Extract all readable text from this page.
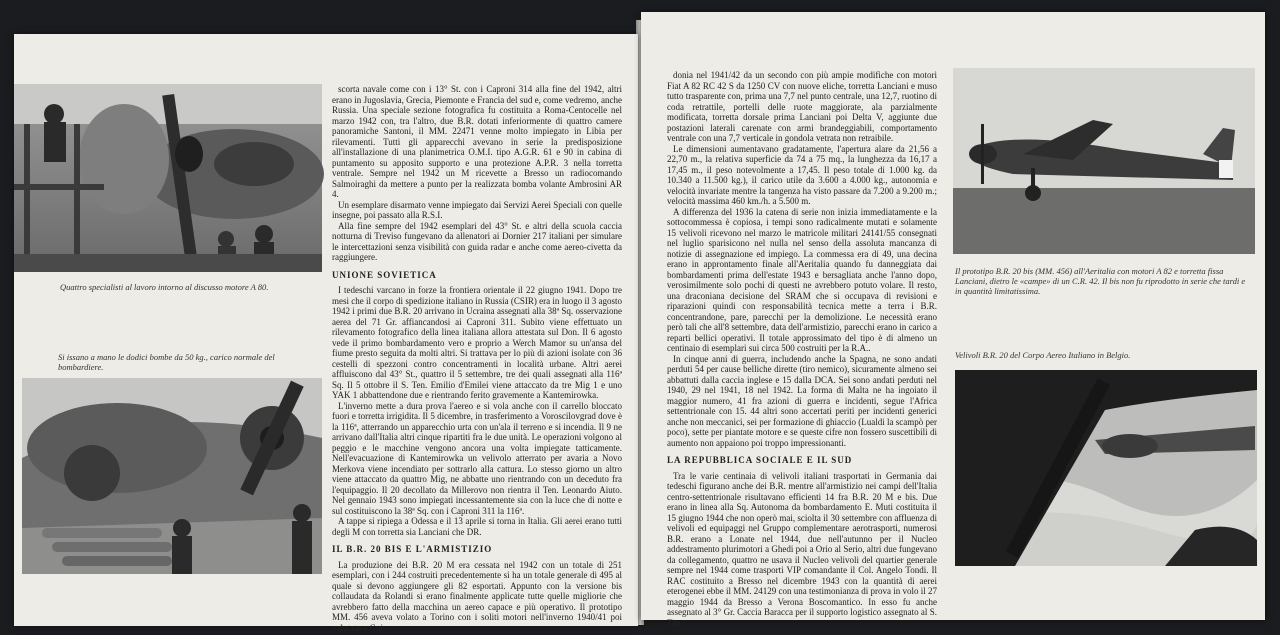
Quattro specialisti al lavoro intorno al discusso motore A 80.
Si issano a mano le dodici bombe da 50 kg., carico normale del bombardiere.

scorta navale come con i 13° St. con i Caproni 314 alla fine del 1942, altri erano in Jugoslavia, Grecia, Piemonte e Francia del sud e, come vedremo, anche Russia. Una speciale sezione fotografica fu costituita a Roma-Centocelle nel marzo 1942 con, tra l'altro, due B.R. dotati inferiormente di quattro camere panoramiche Santoni, il MM. 22471 venne molto impiegato in Libia per rilevamenti. Tutti gli apparecchi avevano in serie la predisposizione all'installazione di una planimetrica O.M.I. tipo A.G.R. 61 e 90 in cabina di puntamento su apposito supporto e una protezione A.P.R. 3 nella torretta ventrale. Sempre nel 1942 un M ricevette a Bresso un radiocomando Salmoiraghi da mettere a punto per la realizzata bomba volante Ambrosini AR 4.

Un esemplare disarmato venne impiegato dai Servizi Aerei Speciali con quelle insegne, poi passato alla R.S.I.

Alla fine sempre del 1942 esemplari del 43° St. e altri della scuola caccia notturna di Treviso fungevano da allenatori ai Dornier 217 italiani per simulare le intercettazioni senza visibilità con guida radar e anche come aereo-civetta da raggiungere.

UNIONE SOVIETICA

I tedeschi varcano in forze la frontiera orientale il 22 giugno 1941. Dopo tre mesi che il corpo di spedizione italiano in Russia (CSIR) era in luogo il 3 agosto 1942 i primi due B.R. 20 arrivano in Ucraina assegnati alla 38ª Sq. osservazione aerea del 71 Gr. affiancandosi ai Caproni 311. Subito viene effettuato un rilevamento fotografico della linea italiana allora attestata sul Don. Il 6 agosto vede il primo bombardamento vero e proprio a Werch Mamor su un'ansa del fiume presto seguita da molti altri. Si trattava per lo più di azioni isolate con 36 cestelli di spezzoni contro concentramenti in località urbane. Altri aerei affluiscono dal 43° St., quattro il 5 settembre, tre dei quali assegnati alla 116ª Sq. Il 5 ottobre il S. Ten. Emilio d'Emilei viene attaccato da tre Mig 1 e uno YAK 1 abbattendone due e rientrando ferito gravemente a Kantemirowka.

L'inverno mette a dura prova l'aereo e si vola anche con il carrello bloccato fuori e torretta irrigidita. Il 5 dicembre, in trasferimento a Voroscilovgrad dove è la 116ª, atterrando un apparecchio urta con un'ala il terreno e si incendia. Il 9 ne arrivano dall'Italia altri cinque ripartiti fra le due unità. Le operazioni volgono al peggio e le macchine vengono ancora una volta impiegate tatticamente. Nell'evacuazione di Kantemirowka un velivolo atterrato per avaria a Novo Merkova viene incendiato per sottrarlo alla cattura. Lo stesso giorno un altro viene attaccato da quattro Mig, ne abbatte uno rientrando con un deceduto fra l'equipaggio. Il 20 decollato da Millerovo non rientra il Ten. Leonardo Aiuto. Nel gennaio 1943 sono impiegati incessantemente sia con la luce che di notte e sul costituiscono la 38ª Sq. con i Caproni 311 la 116ª.

A tappe si ripiega a Odessa e il 13 aprile si torna in Italia. Gli aerei erano tutti degli M con torretta sia Lanciani che DR.

IL B.R. 20 BIS E L'ARMISTIZIO

La produzione dei B.R. 20 M era cessata nel 1942 con un totale di 251 esemplari, con i 244 costruiti precedentemente si ha un totale generale di 495 al quale si devono aggiungere gli 82 esportati. Appunto con la versione bis collaudata da Rolandi si erano finalmente applicate tutte quelle migliorie che avrebbero fatto della macchina un aereo capace e più operativo. Il prototipo MM. 456 aveva volato a Torino con i soliti motori nell'inverno 1940/41 poi valutato a Gui-

donia nel 1941/42 da un secondo con più ampie modifiche con motori Fiat A 82 RC 42 S da 1250 CV con nuove eliche, torretta Lanciani e muso tutto trasparente con, prima una 7,7 nel punto centrale, una 12,7, ruotino di coda retrattile, portelli delle ruote maggiorate, ala parzialmente modificata, torretta dorsale prima Lanciani poi Delta V, aggiunte due postazioni laterali carenate con armi brandeggiabili, comportamento ventrale con una 7,7 verticale in gondola vetrata non retraibile.

Le dimensioni aumentavano gradatamente, l'apertura alare da 21,56 a 22,70 m., la relativa superficie da 74 a 75 mq., la lunghezza da 16,17 a 17,45 m., il peso notevolmente a 17,45. Il peso totale di 1.000 kg. da 10.340 a 11.500 kg.), il carico utile da 3.600 a 4.000 kg., autonomia e velocità invariate mentre la tangenza ha visto passare da 7.200 a 9.200 m.; velocità massima 460 km./h. a 5.500 m.

A differenza del 1936 la catena di serie non inizia immediatamente e la sottocommessa è copiosa, i tempi sono radicalmente mutati e solamente 15 velivoli ricevono nel marzo le matricole militari 24141/55 consegnati nel luglio sparisicono nel nulla nel senso della assoluta mancanza di notizie di assegnazione ed impiego. La commessa era di 49, una decina erano in approntamento finale all'Aeritalia quando fu danneggiata dai bombardamenti prima dell'estate 1943 e bersagliata anche l'anno dopo, verosimilmente solo pochi di questi ne avrebbero potuto volare. Il resto, una draconiana decisione del SRAM che si occupava di revisioni e riparazioni quindi con responsabilità tecnica mette a terra i B.R. concentrandone, pare, parecchi per la demolizione. Le necessità erano però tali che all'8 settembre, data dell'armistizio, parecchi erano in carico a reparti bellici operativi. Il totale approssimato del tipo è di almeno un centinaio di esemplari sui circa 500 costruiti per la R.A..

In cinque anni di guerra, includendo anche la Spagna, ne sono andati perduti 54 per cause belliche dirette (tiro nemico), sicuramente almeno sei abbattuti dalla caccia inglese e 15 dalla DCA. Sei sono andati perduti nel 1940, 29 nel 1941, 18 nel 1942. La forma di Malta ne ha ingoiato il maggior numero, 41 fra azioni di guerra e incidenti, segue l'Africa settentrionale con 15. 44 altri sono accertati periti per incidenti generici anche non meccanici, sei per formazione di ghiaccio (Lualdi la scampò per poco), sette per piantate motore e se queste cifre non fossero suscettibili di aumento non appaiono poi troppo impressionanti.

LA REPUBBLICA SOCIALE E IL SUD

Tra le varie centinaia di velivoli italiani trasportati in Germania dai tedeschi figurano anche dei B.R. mentre all'armistizio nei campi dell'Italia centro-settentrionale risultavano efficienti 14 fra B.R. 20 M e bis. Due erano in linea alla Sq. Autonoma da bombardamento E. Muti costituita il 15 giugno 1944 che non operò mai, sciolta il 30 settembre con affluenza di velivoli ed equipaggi nel Gruppo complementare aerotrasporti, numerosi B.R. erano a Lonate nel 1944, due nell'autunno per il Nucleo addestramento plurimotori a Ghedi poi a Orio al Serio, altri due fungevano da collegamento, quattro ne usava il Nucleo velivoli del quartier generale sempre nel 1944 come trasporti VIP comandante il Col. Angelo Tondi. Il RAC costituito a Bresso nel dicembre 1943 con la quantità di aerei eterogenei ebbe il MM. 24129 con una testimonianza di prova in volo il 27 maggio 1944 da Bresso a Verona Boscomantico. In esso fu anche assegnato al 3° Gr. Caccia Baracca per il supporto logistico assegnato al S. Ten.

Il prototipo B.R. 20 bis (MM. 456) all'Aeritalia con motori A 82 e torretta fissa Lanciani, dietro le «campe» di un C.R. 42. Il bis non fu riprodotto in serie che tardi e in quantità limitatissima.
Velivoli B.R. 20 del Corpo Aereo Italiano in Belgio.
